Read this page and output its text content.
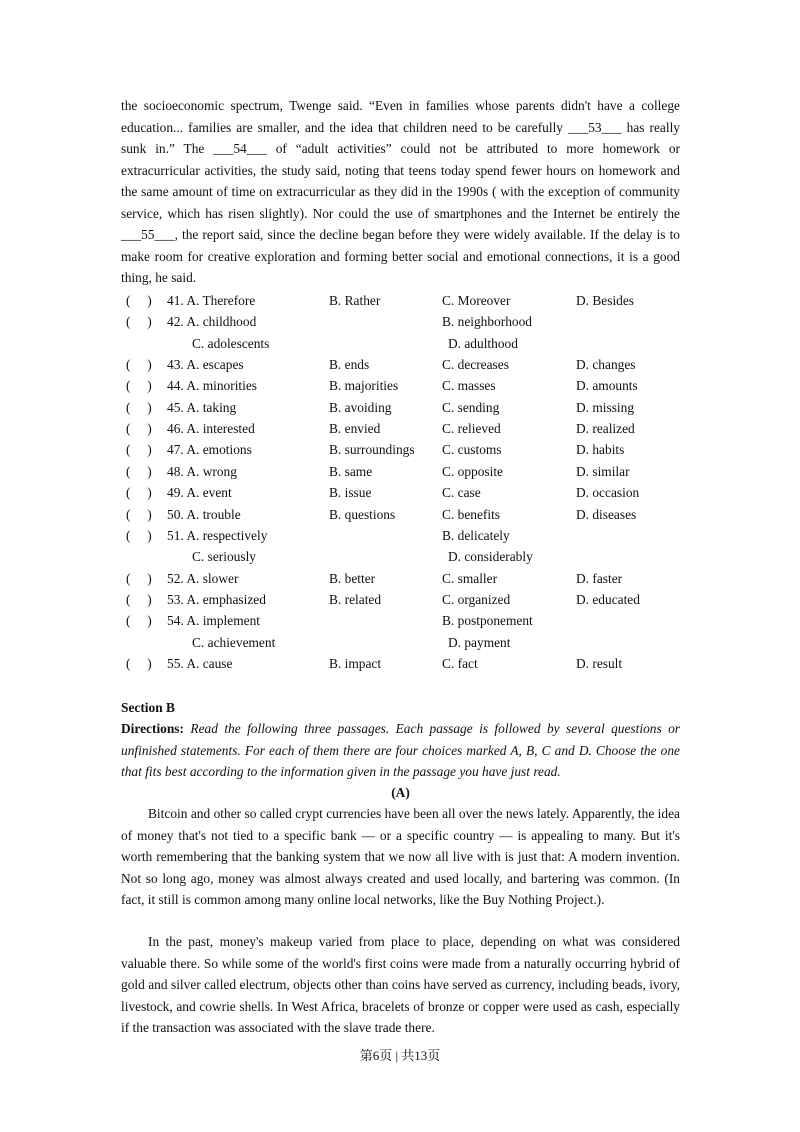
the socioeconomic spectrum, Twenge said. “Even in families whose parents didn't have a college education... families are smaller, and the idea that children need to be carefully ___53___ has really sunk in.” The ___54___ of “adult activities” could not be attributed to more homework or extracurricular activities, the study said, noting that teens today spend fewer hours on homework and the same amount of time on extracurricular as they did in the 1990s ( with the exception of community service, which has risen slightly). Nor could the use of smartphones and the Internet be entirely the ___55___, the report said, since the decline began before they were widely available. If the delay is to make room for creative exploration and forming better social and emotional connections, it is a good thing, he said.

(　 ) 41. A. Therefore	B. Rather	C. Moreover	D. Besides
(　 ) 42. A. childhood	B. neighborhood
C. adolescents	D. adulthood
(　 ) 43. A. escapes	B. ends	C. decreases	D. changes
(　 ) 44. A. minorities	B. majorities	C. masses	D. amounts
(　 ) 45. A. taking	B. avoiding	C. sending	D. missing
(　 ) 46. A. interested	B. envied	C. relieved	D. realized
(　 ) 47. A. emotions	B. surroundings C. customs	D. habits
(　 ) 48. A. wrong	B. same	C. opposite	D. similar
(　 ) 49. A. event	B. issue	C. case	D. occasion
(　 ) 50. A. trouble	B. questions	C. benefits	D. diseases
(　 ) 51. A. respectively	B. delicately
C. seriously	D. considerably
(　 ) 52. A. slower	B. better	C. smaller	D. faster
(　 ) 53. A. emphasized	B. related	C. organized	D. educated
(　 ) 54. A. implement	B. postponement
C. achievement	D. payment
(　 ) 55. A. cause	B. impact	C. fact	D. result
Section B
Directions: Read the following three passages. Each passage is followed by several questions or unfinished statements. For each of them there are four choices marked A, B, C and D. Choose the one that fits best according to the information given in the passage you have just read.
(A)

Bitcoin and other so called crypt currencies have been all over the news lately. Apparently, the idea of money that's not tied to a specific bank — or a specific country — is appealing to many. But it's worth remembering that the banking system that we now all live with is just that: A modern invention. Not so long ago, money was almost always created and used locally, and bartering was common. (In fact, it still is common among many online local networks, like the Buy Nothing Project.).

In the past, money's makeup varied from place to place, depending on what was considered valuable there. So while some of the world's first coins were made from a naturally occurring hybrid of gold and silver called electrum, objects other than coins have served as currency, including beads, ivory, livestock, and cowrie shells. In West Africa, bracelets of bronze or copper were used as cash, especially if the transaction was associated with the slave trade there.

第6页 | 共13页
